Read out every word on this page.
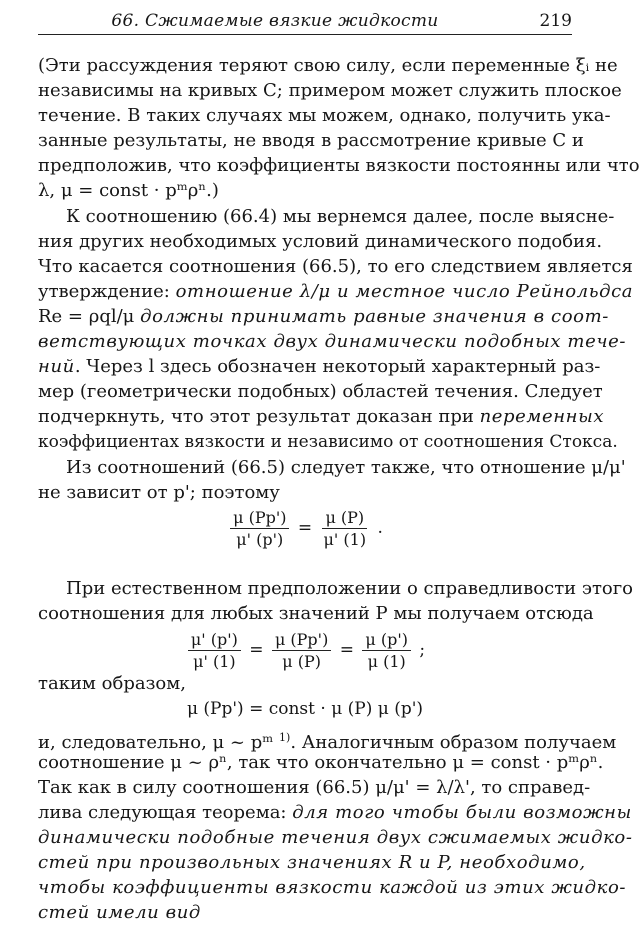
66. Сжимаемые вязкие жидкости	219
(Эти рассуждения теряют свою силу, если переменные ξᵢ не
независимы на кривых C; примером может служить плоское
течение. В таких случаях мы можем, однако, получить ука-
занные результаты, не вводя в рассмотрение кривые C и
предположив, что коэффициенты вязкости постоянны или что
λ, μ = const · pᵐρⁿ.)
К соотношению (66.4) мы вернемся далее, после выясне-
ния других необходимых условий динамического подобия.
Что касается соотношения (66.5), то его следствием является
утверждение: отношение λ/μ и местное число Рейнольдса
Re = ρql/μ должны принимать равные значения в соот-
ветствующих точках двух динамически подобных тече-
ний. Через l здесь обозначен некоторый характерный раз-
мер (геометрически подобных) областей течения. Следует
подчеркнуть, что этот результат доказан при переменных
коэффициентах вязкости и независимо от соотношения Стокса.
Из соотношений (66.5) следует также, что отношение μ/μ'
не зависит от p'; поэтому
$\frac{\mu (Pp')}{\mu' (p')} = \frac{\mu (P)}{\mu' (1)}$ .
При естественном предположении о справедливости этого
соотношения для любых значений P мы получаем отсюда
$\frac{\mu' (p')}{\mu' (1)} = \frac{\mu (Pp')}{\mu (P)} = \frac{\mu (p')}{\mu (1)}$ ;
таким образом,
μ (Pp') = const · μ (P) μ (p')
и, следовательно, μ ~ pᵐ $^{1)}$. Аналогичным образом получаем
соотношение μ ~ ρⁿ, так что окончательно μ = const · pᵐρⁿ.
Так как в силу соотношения (66.5) μ/μ' = λ/λ', то справед-
лива следующая теорема: для того чтобы были возможны
динамически подобные течения двух сжимаемых жидко-
стей при произвольных значениях R и P, необходимо,
чтобы коэффициенты вязкости каждой из этих жидко-
стей имели вид
